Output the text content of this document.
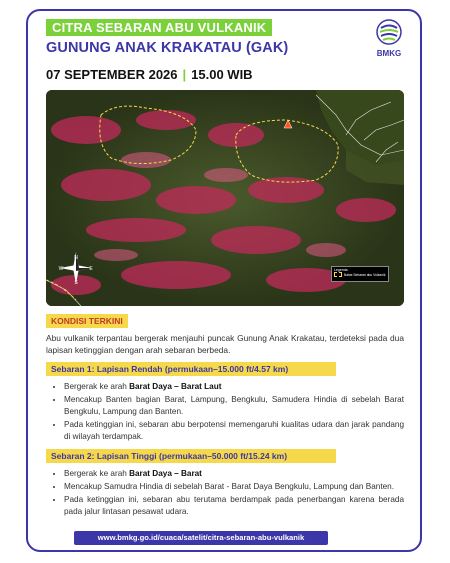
CITRA SEBARAN ABU VULKANIK
GUNUNG ANAK KRAKATAU (GAK)
07 SEPTEMBER 2026 | 15.00 WIB
BMKG
N
W	E
S
Legenda
Batas Sebaran abu Vulkanik
KONDISI TERKINI
Abu vulkanik terpantau bergerak menjauhi puncak Gunung Anak Krakatau, terdeteksi pada dua lapisan ketinggian dengan arah sebaran berbeda.
Sebaran 1: Lapisan Rendah (permukaan–15.000 ft/4.57 km)
• Bergerak ke arah Barat Daya – Barat Laut
• Mencakup Banten bagian Barat, Lampung, Bengkulu, Samudera Hindia di sebelah Barat Bengkulu, Lampung dan Banten.
• Pada ketinggian ini, sebaran abu berpotensi memengaruhi kualitas udara dan jarak pandang di wilayah terdampak.
Sebaran 2: Lapisan Tinggi (permukaan–50.000 ft/15.24 km)
• Bergerak ke arah Barat Daya – Barat
• Mencakup Samudra Hindia di sebelah Barat - Barat Daya Bengkulu, Lampung dan Banten.
• Pada ketinggian ini, sebaran abu terutama berdampak pada penerbangan karena berada pada jalur lintasan pesawat udara.
www.bmkg.go.id/cuaca/satelit/citra-sebaran-abu-vulkanik
